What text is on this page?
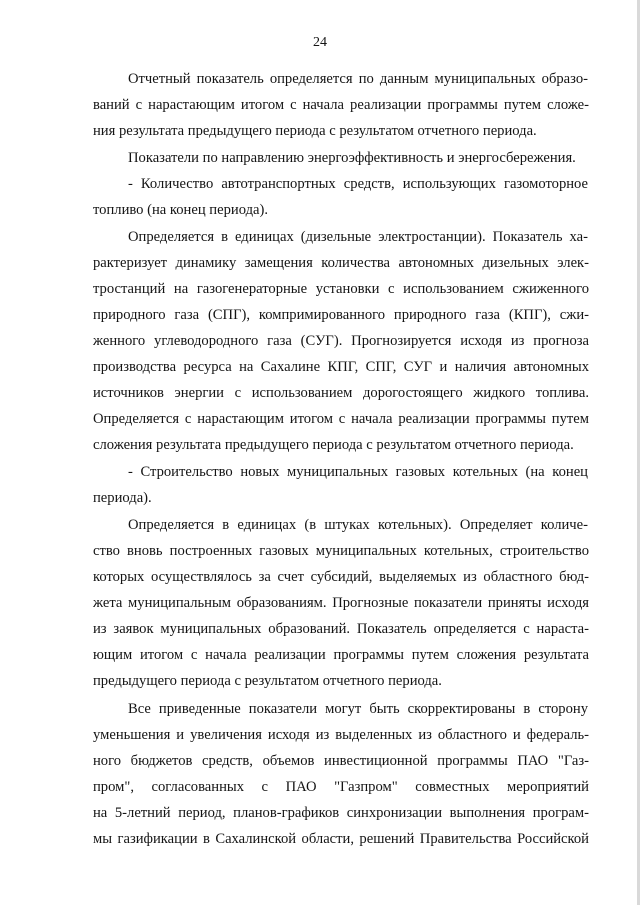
24
Отчетный показатель определяется по данным муниципальных образо-
ваний с нарастающим итогом с начала реализации программы путем сложе-
ния результата предыдущего периода с результатом отчетного периода.
Показатели по направлению энергоэффективность и энергосбережения.
- Количество автотранспортных средств, использующих газомоторное
топливо (на конец периода).
Определяется в единицах (дизельные электростанции). Показатель ха-
рактеризует динамику замещения количества автономных дизельных элек-
тростанций на газогенераторные установки с использованием сжиженного
природного газа (СПГ), компримированного природного газа (КПГ), сжи-
женного углеводородного газа (СУГ). Прогнозируется исходя из прогноза
производства ресурса на Сахалине КПГ, СПГ, СУГ и наличия автономных
источников энергии с использованием дорогостоящего жидкого топлива.
Определяется с нарастающим итогом с начала реализации программы путем
сложения результата предыдущего периода с результатом отчетного периода.
- Строительство новых муниципальных газовых котельных (на конец
периода).
Определяется в единицах (в штуках котельных). Определяет количе-
ство вновь построенных газовых муниципальных котельных, строительство
которых осуществлялось за счет субсидий, выделяемых из областного бюд-
жета муниципальным образованиям. Прогнозные показатели приняты исходя
из заявок муниципальных образований. Показатель определяется с нараста-
ющим итогом с начала реализации программы путем сложения результата
предыдущего периода с результатом отчетного периода.
Все приведенные показатели могут быть скорректированы в сторону
уменьшения и увеличения исходя из выделенных из областного и федераль-
ного бюджетов средств, объемов инвестиционной программы ПАО "Газ-
пром", согласованных с ПАО "Газпром" совместных мероприятий
на 5-летний период, планов-графиков синхронизации выполнения програм-
мы газификации в Сахалинской области, решений Правительства Российской
